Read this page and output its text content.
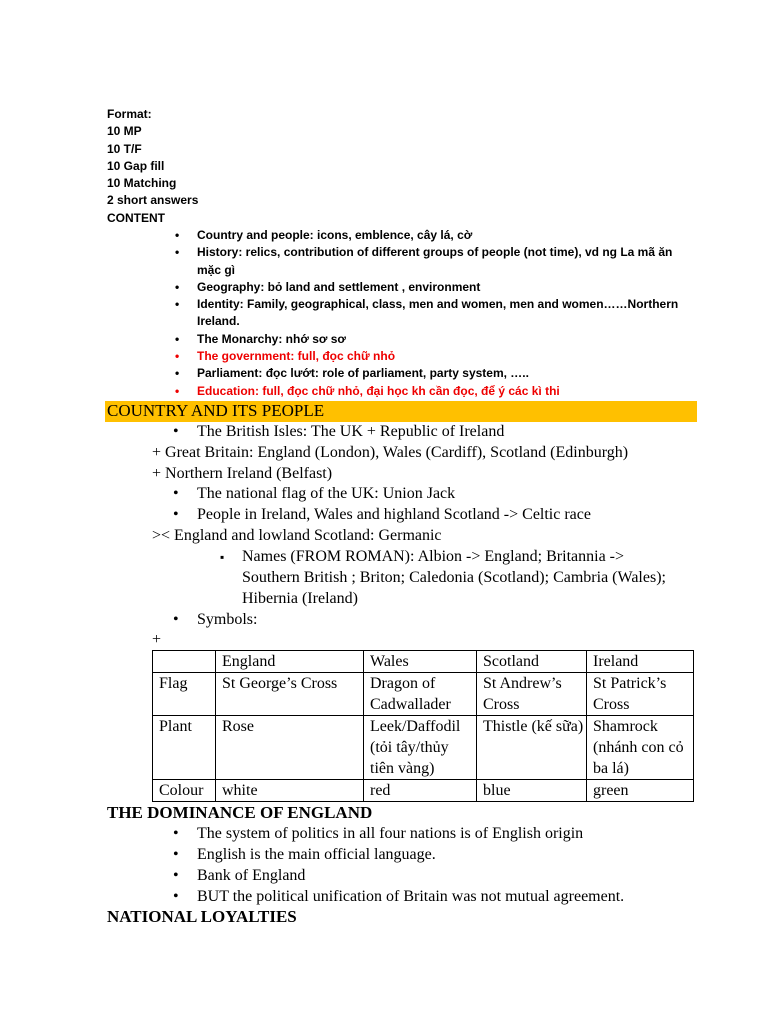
Format:
10 MP
10 T/F
10 Gap fill
10 Matching
2 short answers
CONTENT
• Country and people: icons, emblence, cây lá, cờ
• History: relics, contribution of different groups of people (not time), vd ng La mã ăn mặc gì
• Geography: bỏ land and settlement , environment
• Identity: Family, geographical, class, men and women, men and women……Northern Ireland.
• The Monarchy: nhớ sơ sơ
• The government: full, đọc chữ nhỏ
• Parliament: đọc lướt: role of parliament, party system, …..
• Education: full, đọc chữ nhỏ, đại học kh cần đọc, để ý các kì thi
COUNTRY AND ITS PEOPLE
• The British Isles: The UK + Republic of Ireland
+ Great Britain: England (London), Wales (Cardiff), Scotland (Edinburgh)
+ Northern Ireland (Belfast)
• The national flag of the UK: Union Jack
• People in Ireland, Wales and highland Scotland -> Celtic race
>< England and lowland Scotland: Germanic
▪ Names (FROM ROMAN): Albion -> England; Britannia -> Southern British ; Briton; Caledonia (Scotland); Cambria (Wales); Hibernia (Ireland)
• Symbols:
+
	England	Wales	Scotland	Ireland
Flag	St George’s Cross	Dragon of Cadwallader	St Andrew’s Cross	St Patrick’s Cross
Plant	Rose	Leek/Daffodil (tỏi tây/thủy tiên vàng)	Thistle (kế sữa)	Shamrock (nhánh con cỏ ba lá)
Colour	white	red	blue	green
THE DOMINANCE OF ENGLAND
• The system of politics in all four nations is of English origin
• English is the main official language.
• Bank of England
• BUT the political unification of Britain was not mutual agreement.
NATIONAL LOYALTIES
